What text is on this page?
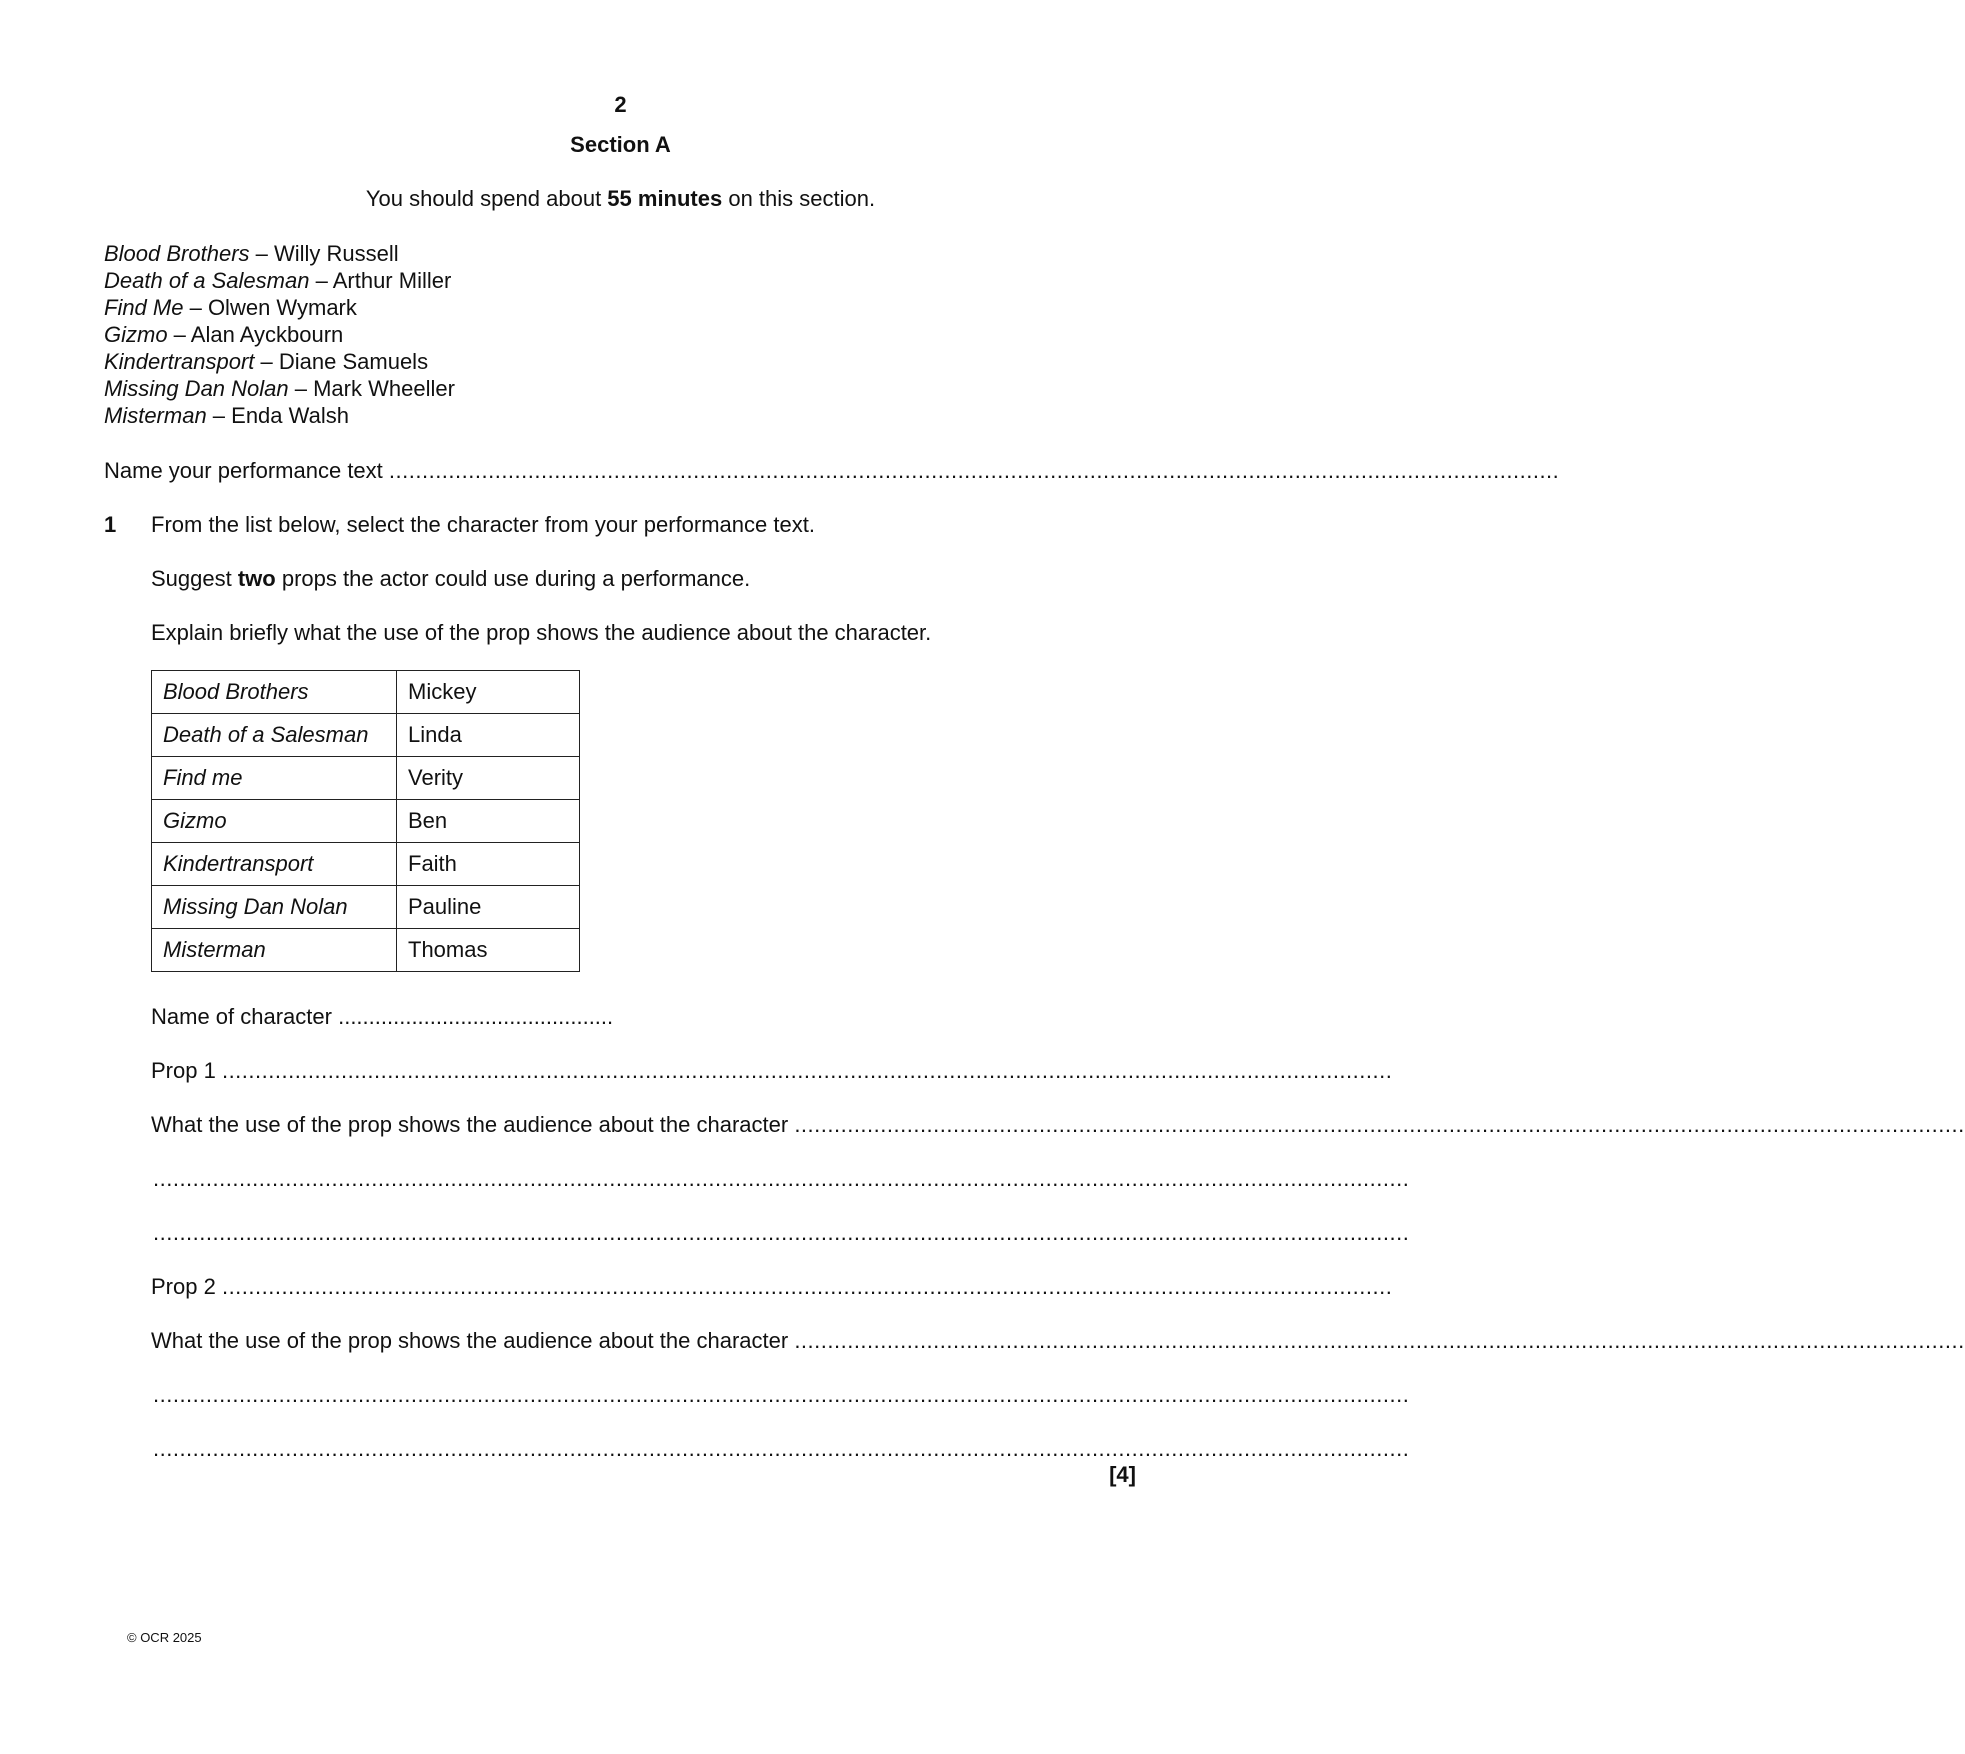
2
Section A
You should spend about 55 minutes on this section.
Blood Brothers – Willy Russell
Death of a Salesman – Arthur Miller
Find Me – Olwen Wymark
Gizmo – Alan Ayckbourn
Kindertransport – Diane Samuels
Missing Dan Nolan – Mark Wheeller
Misterman – Enda Walsh
Name your performance text
.................................................................................................................................................................................
1 From the list below, select the character from your performance text.
Suggest two props the actor could use during a performance.
Explain briefly what the use of the prop shows the audience about the character.
Blood Brothers	Mickey
Death of a Salesman	Linda
Find me	Verity
Gizmo	Ben
Kindertransport	Faith
Missing Dan Nolan	Pauline
Misterman	Thomas
Name of character
.............................................
Prop 1
.................................................................................................................................................................................
What the use of the prop shows the audience about the character
.................................................................................................................................................................................
..............................................................................................................................................................................................
..............................................................................................................................................................................................
Prop 2
.................................................................................................................................................................................
What the use of the prop shows the audience about the character
.................................................................................................................................................................................
..............................................................................................................................................................................................
..............................................................................................................................................................................................
[4]
© OCR 2025
